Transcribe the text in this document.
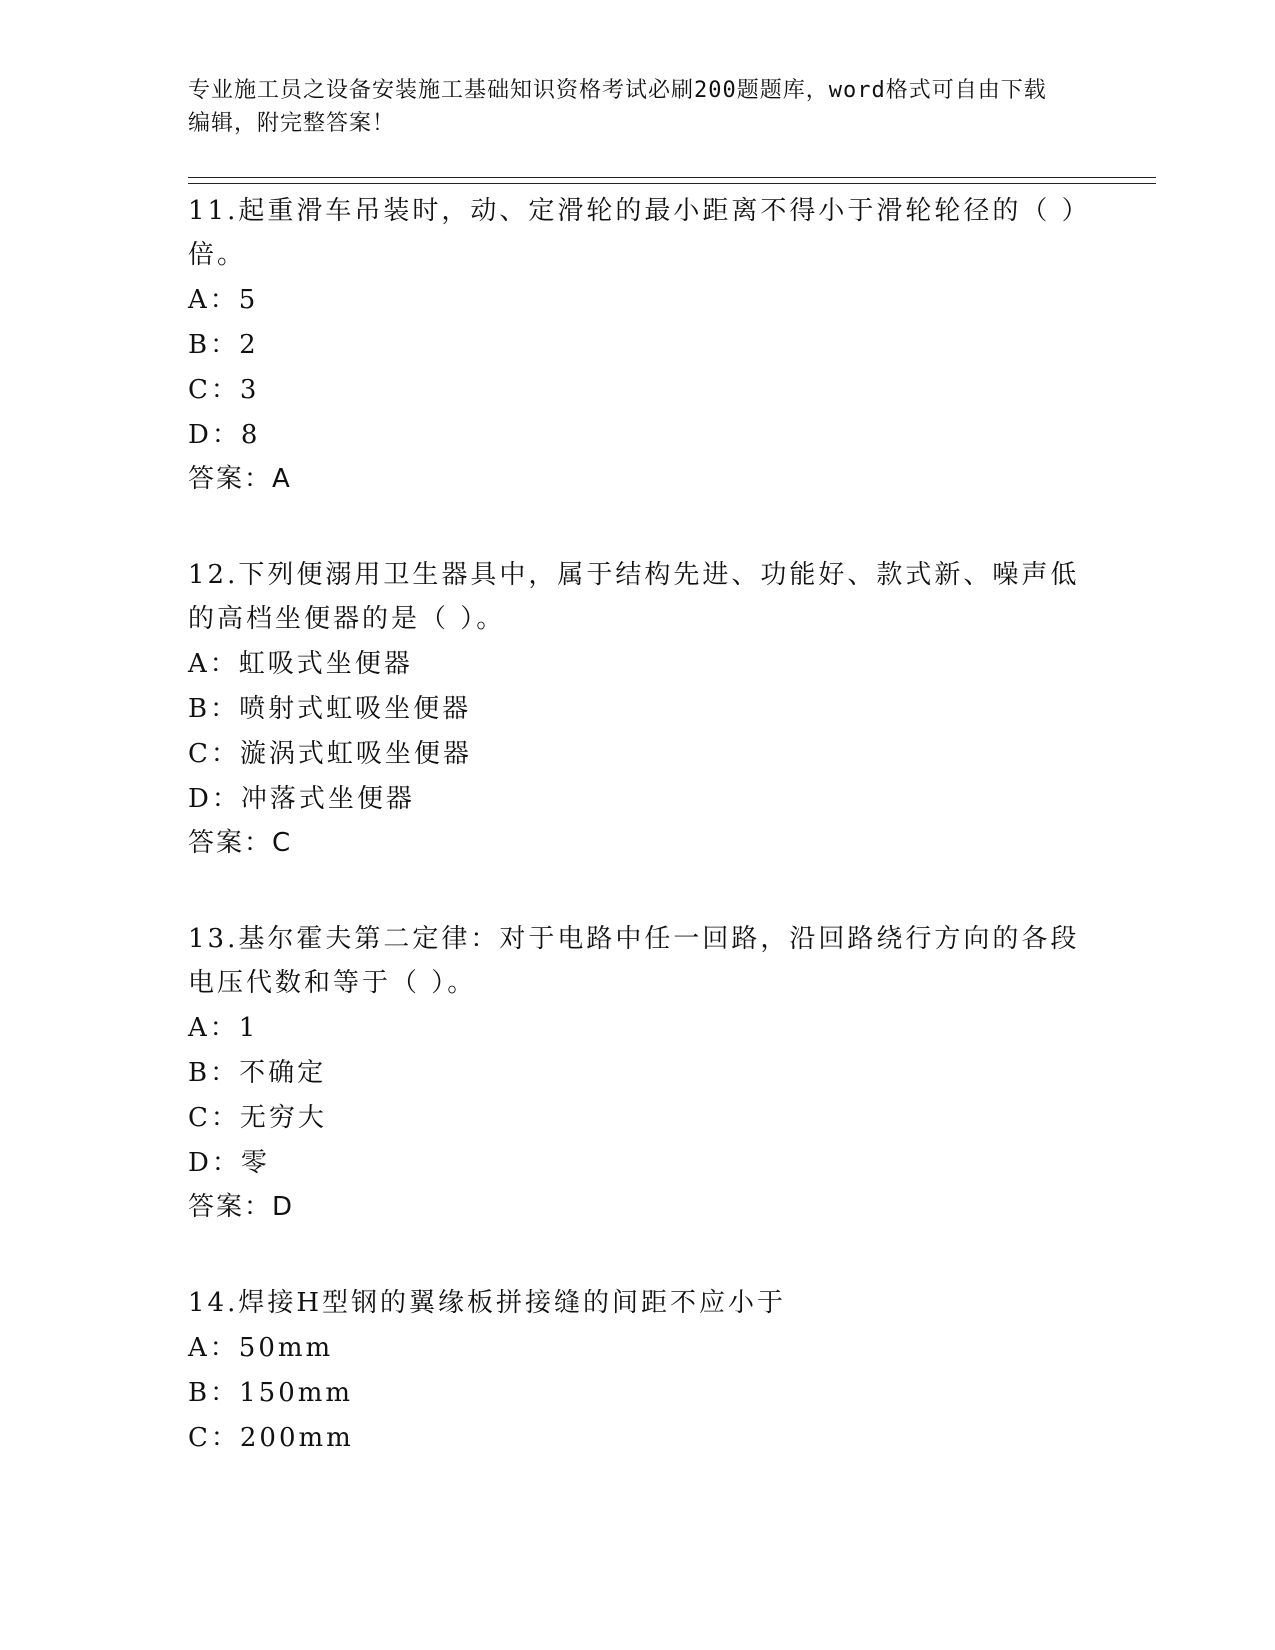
专业施工员之设备安装施工基础知识资格考试必刷200题题库，word格式可自由下载编辑，附完整答案！

11.起重滑车吊装时，动、定滑轮的最小距离不得小于滑轮轮径的（ ）倍。

A：5

B：2

C：3

D：8

答案：A

12.下列便溺用卫生器具中，属于结构先进、功能好、款式新、噪声低的高档坐便器的是（ ）。

A：虹吸式坐便器

B：喷射式虹吸坐便器

C：漩涡式虹吸坐便器

D：冲落式坐便器

答案：C

13.基尔霍夫第二定律：对于电路中任一回路，沿回路绕行方向的各段电压代数和等于（ ）。

A：1

B：不确定

C：无穷大

D：零

答案：D

14.焊接H型钢的翼缘板拼接缝的间距不应小于

A：50mm

B：150mm

C：200mm
